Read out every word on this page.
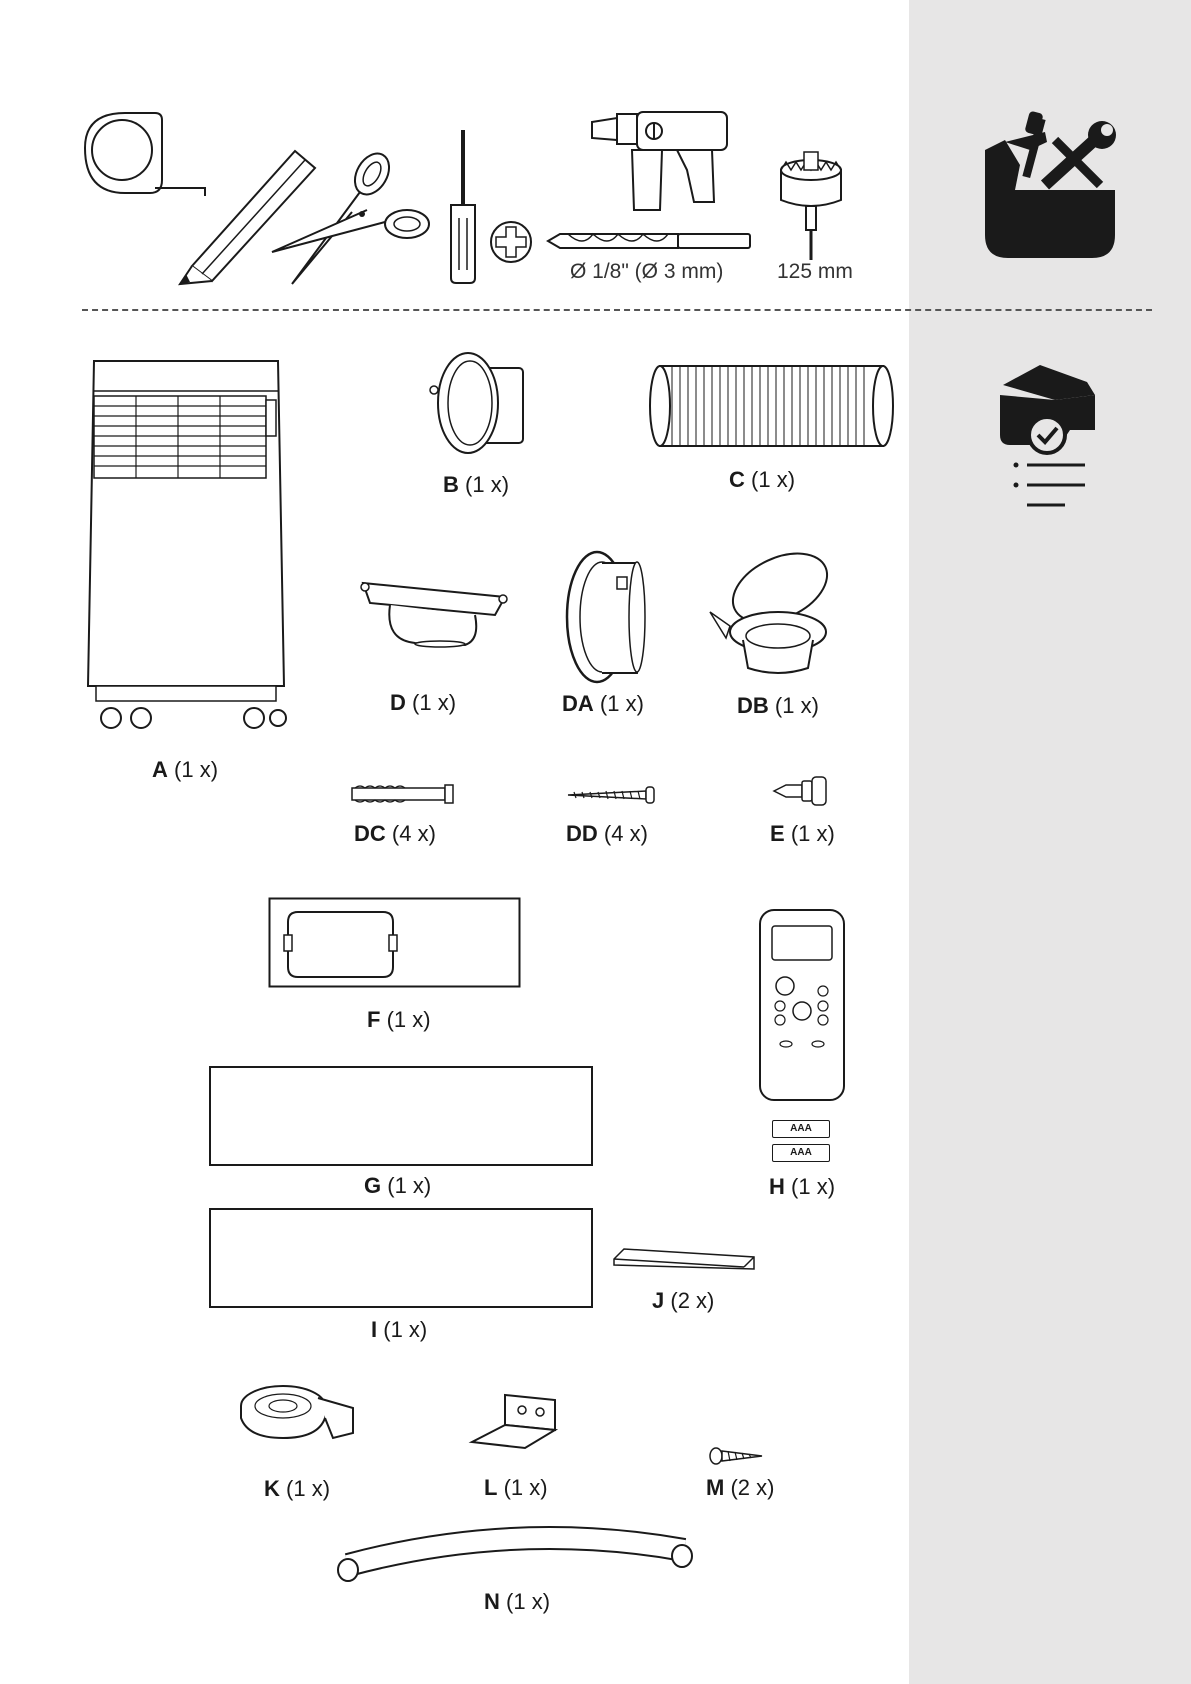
Ø 1/8" (Ø 3 mm)	125 mm
A (1 x)
B (1 x)	C (1 x)
D (1 x)	DA (1 x)	DB (1 x)
DC (4 x)	DD (4 x)	E (1 x)
F (1 x)
G (1 x)
I (1 x)
J (2 x)
AAA
AAA
H (1 x)
K (1 x)	L (1 x)	M (2 x)
N (1 x)
